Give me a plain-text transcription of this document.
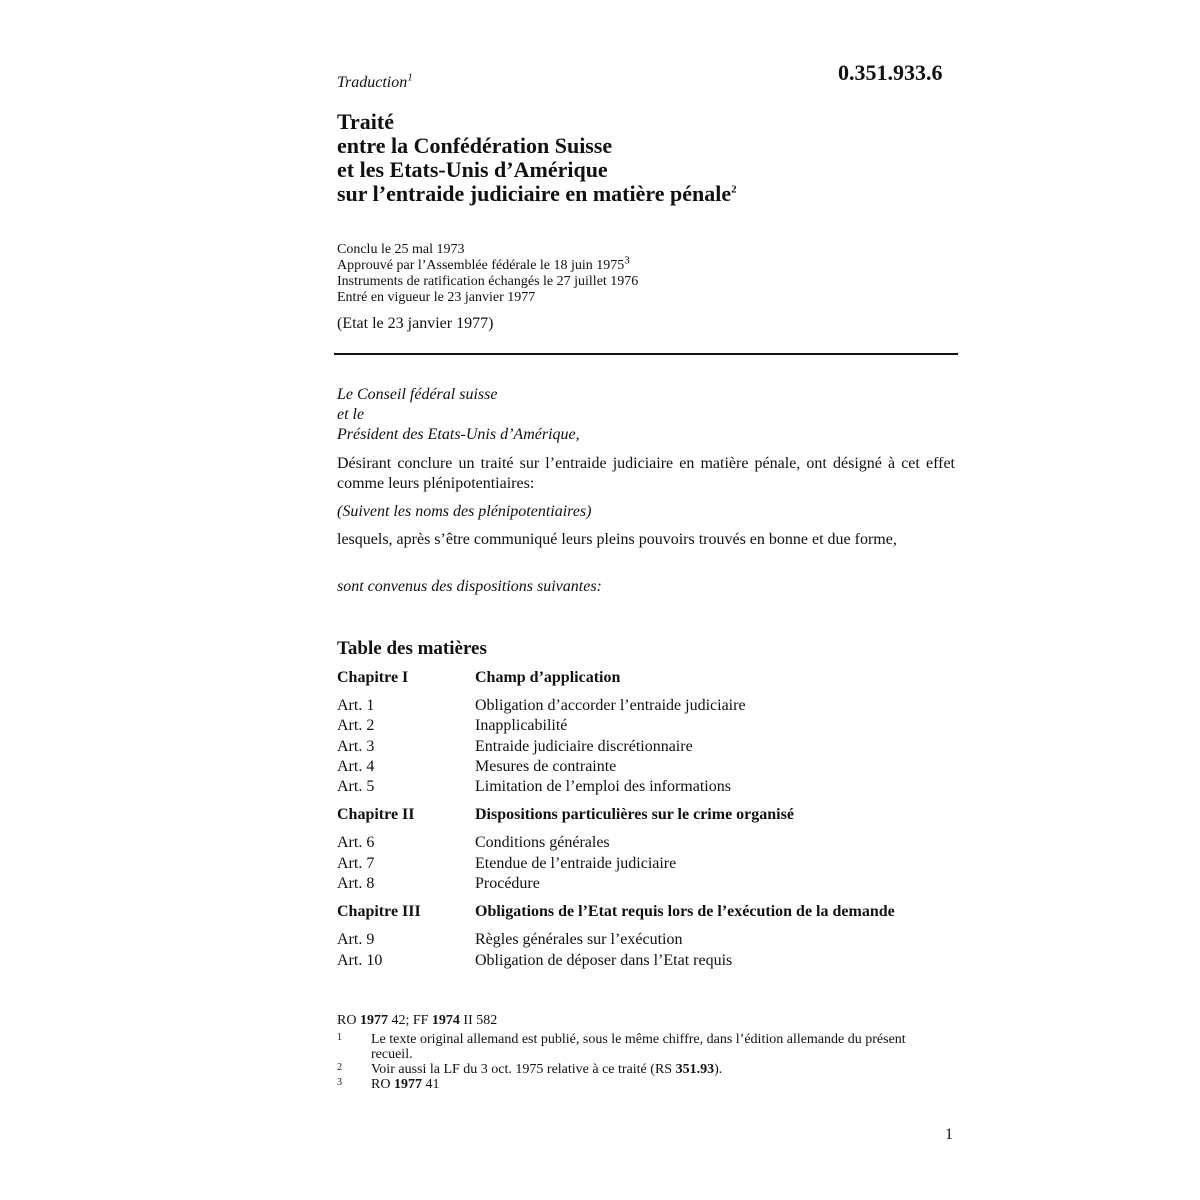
Traduction$^1$	0.351.933.6
Traité
entre la Confédération Suisse
et les Etats-Unis d’Amérique
sur l’entraide judiciaire en matière pénale$^2$
Conclu le 25 mal 1973
Approuvé par l’Assemblée fédérale le 18 juin 1975$^3$
Instruments de ratification échangés le 27 juillet 1976
Entré en vigueur le 23 janvier 1977
(Etat le 23 janvier 1977)
Le Conseil fédéral suisse
et le
Président des Etats-Unis d’Amérique,
Désirant conclure un traité sur l’entraide judiciaire en matière pénale, ont désigné à cet effet comme leurs plénipotentiaires:
(Suivent les noms des plénipotentiaires)
lesquels, après s’être communiqué leurs pleins pouvoirs trouvés en bonne et due forme,
sont convenus des dispositions suivantes:
Table des matières
Chapitre I	Champ d’application
Art. 1	Obligation d’accorder l’entraide judiciaire
Art. 2	Inapplicabilité
Art. 3	Entraide judiciaire discrétionnaire
Art. 4	Mesures de contrainte
Art. 5	Limitation de l’emploi des informations
Chapitre II	Dispositions particulières sur le crime organisé
Art. 6	Conditions générales
Art. 7	Etendue de l’entraide judiciaire
Art. 8	Procédure
Chapitre III	Obligations de l’Etat requis lors de l’exécution de la demande
Art. 9	Règles générales sur l’exécution
Art. 10	Obligation de déposer dans l’Etat requis
RO 1977 42; FF 1974 II 582
1	Le texte original allemand est publié, sous le même chiffre, dans l’édition allemande du présent recueil.
2	Voir aussi la LF du 3 oct. 1975 relative à ce traité (RS 351.93).
3	RO 1977 41
1
